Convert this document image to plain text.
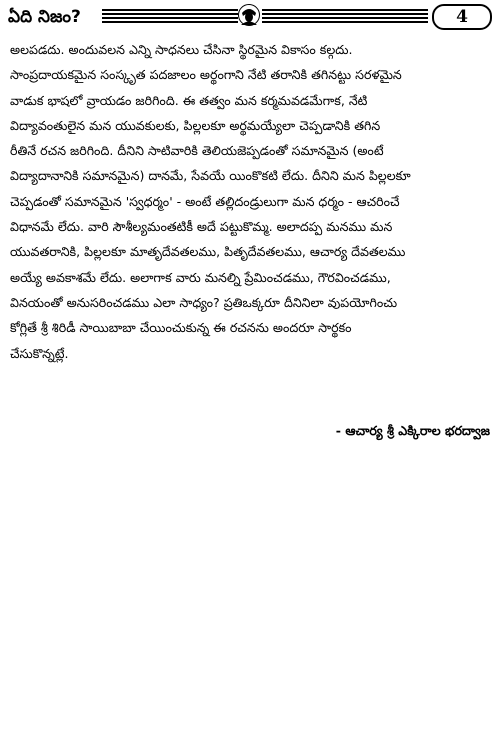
ఏది నిజం?	4
అలపడదు. అందువలన ఎన్ని సాధనలు చేసినా స్థిరమైన వికాసం కల్గదు.
సాంప్రదాయకమైన సంస్కృత పదజాలం అర్థంగాని నేటి తరానికి తగినట్టు సరళమైన
వాడుక భాషలో వ్రాయడం జరిగింది. ఈ తత్వం మన కర్మమవడమేగాక, నేటి
విద్యావంతులైన మన యువకులకు, పిల్లలకూ అర్థమయ్యేలా చెప్పడానికి తగిన
రీతినే రచన జరిగింది. దీనిని సాటివారికి తెలియజెప్పడంతో సమానమైన (అంటే
విద్యాదానానికి సమానమైన) దానమే, సేవయే యింకొకటి లేదు. దీనిని మన పిల్లలకూ
చెప్పడంతో సమానమైన 'స్వధర్మం' - అంటే తల్లిదండ్రులుగా మన ధర్మం - ఆచరించే
విధానమే లేదు. వారి సౌశీల్యమంతటికీ అదే పట్టుకొమ్మ. అలాదప్ప మనము మన
యువతరానికి, పిల్లలకూ మాతృదేవతలము, పితృదేవతలము, ఆచార్య దేవతలము
అయ్యే అవకాశమే లేదు. అలాగాక వారు మనల్ని ప్రేమించడము, గౌరవించడము,
వినయంతో అనుసరించడము ఎలా సాధ్యం? ప్రతిఒక్కరూ దీనినిలా వుపయోగించు
కోగ్లితే శ్రీ శిరిడీ సాయిబాబా చేయించుకున్న ఈ రచనను అందరూ సార్థకం
చేసుకొన్నట్లే.
- ఆచార్య శ్రీ ఎక్కిరాల భరద్వాజ
